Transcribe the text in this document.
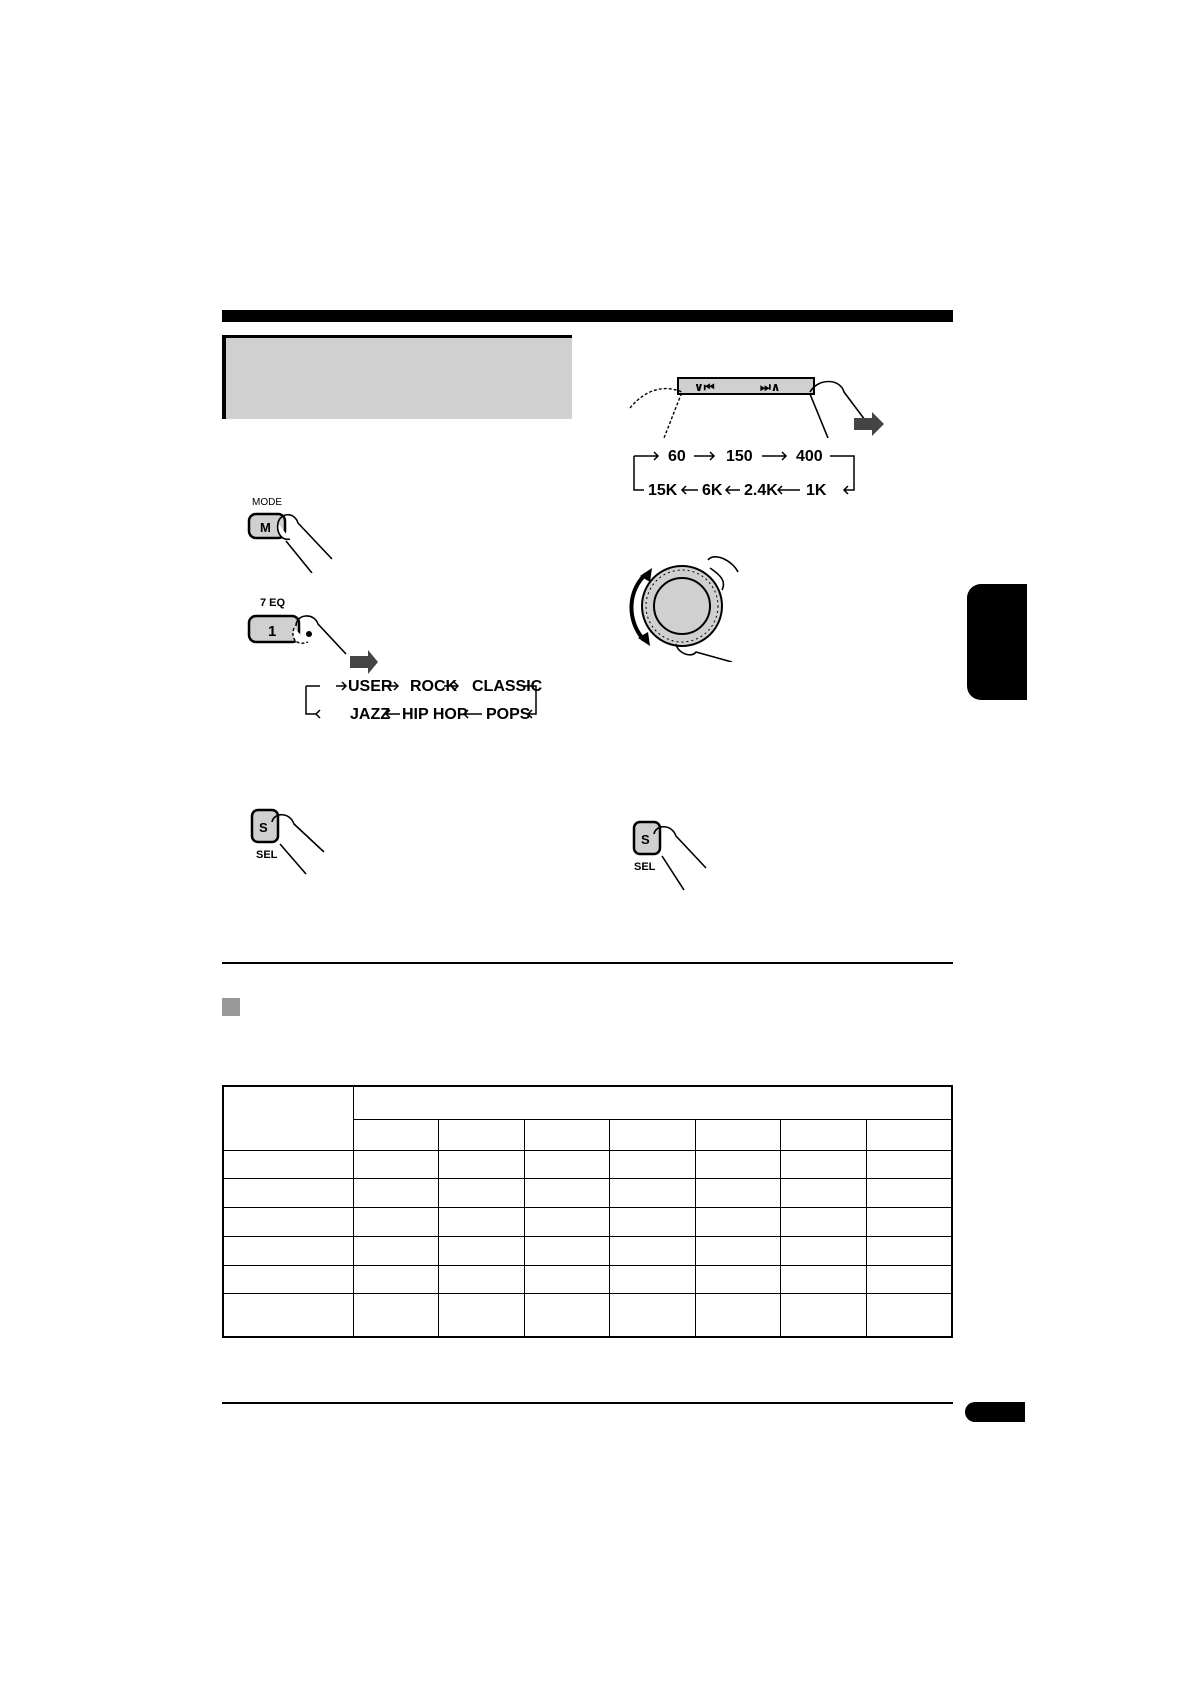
MODE
M
7 EQ
1
USER ROCK CLASSIC
JAZZ HIP HOP POPS
S
SEL
∨⏮	⏭∧
60	150	400
15K 6K 2.4K 1K
S
SEL
